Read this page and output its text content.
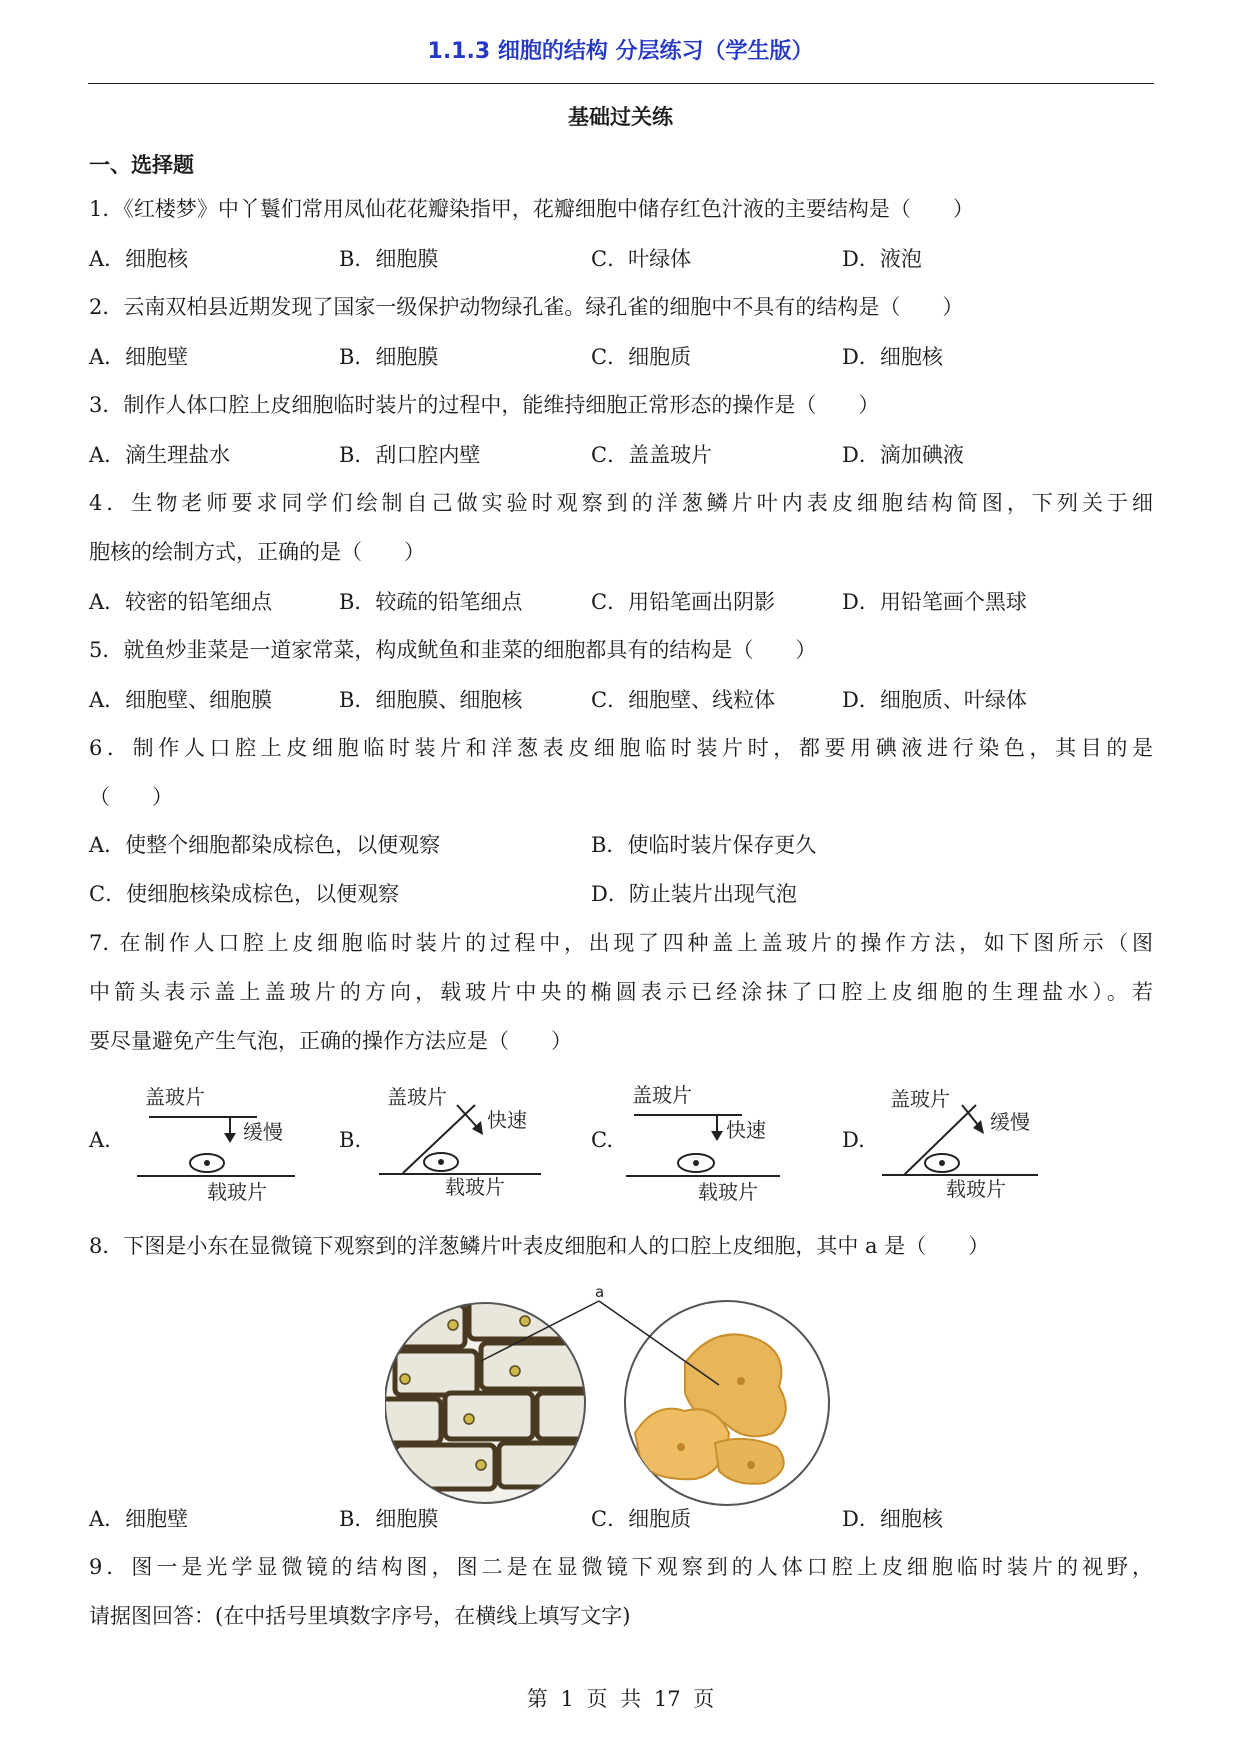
1.1.3 细胞的结构 分层练习（学生版）
基础过关练
一、选择题
1．《红楼梦》中丫鬟们常用凤仙花花瓣染指甲，花瓣细胞中储存红色汁液的主要结构是（　　）
A．细胞核	B．细胞膜	C．叶绿体	D．液泡
2．云南双柏县近期发现了国家一级保护动物绿孔雀。绿孔雀的细胞中不具有的结构是（　　）
A．细胞壁	B．细胞膜	C．细胞质	D．细胞核
3．制作人体口腔上皮细胞临时装片的过程中，能维持细胞正常形态的操作是（　　）
A．滴生理盐水	B．刮口腔内壁	C．盖盖玻片	D．滴加碘液
4．生物老师要求同学们绘制自己做实验时观察到的洋葱鳞片叶内表皮细胞结构简图，下列关于细
胞核的绘制方式，正确的是（　　）
A．较密的铅笔细点	B．较疏的铅笔细点	C．用铅笔画出阴影	D．用铅笔画个黑球
5．就鱼炒韭菜是一道家常菜，构成鱿鱼和韭菜的细胞都具有的结构是（　　）
A．细胞壁、细胞膜	B．细胞膜、细胞核	C．细胞壁、线粒体	D．细胞质、叶绿体
6．制作人口腔上皮细胞临时装片和洋葱表皮细胞临时装片时，都要用碘液进行染色，其目的是
（　　）
A．使整个细胞都染成棕色，以便观察	B．使临时装片保存更久
C．使细胞核染成棕色，以便观察	D．防止装片出现气泡
7. 在制作人口腔上皮细胞临时装片的过程中，出现了四种盖上盖玻片的操作方法，如下图所示（图
中箭头表示盖上盖玻片的方向，载玻片中央的椭圆表示已经涂抹了口腔上皮细胞的生理盐水）。若
要尽量避免产生气泡，正确的操作方法应是（　　）
A.	B.	C.	D.
盖玻片
缓慢
载玻片
盖玻片
快速
载玻片
盖玻片
快速
载玻片
盖玻片
缓慢
载玻片
8．下图是小东在显微镜下观察到的洋葱鳞片叶表皮细胞和人的口腔上皮细胞，其中 a 是（　　）
a
A．细胞壁	B．细胞膜	C．细胞质	D．细胞核
9．图一是光学显微镜的结构图，图二是在显微镜下观察到的人体口腔上皮细胞临时装片的视野，
请据图回答：(在中括号里填数字序号，在横线上填写文字)
第 1 页 共 17 页
